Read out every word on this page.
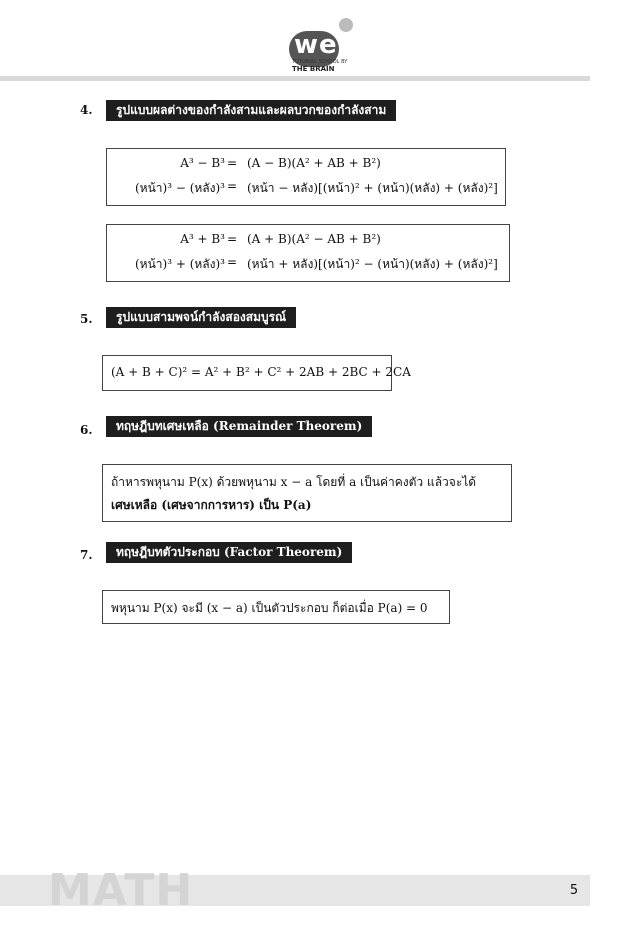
we
TUTORIAL SCHOOL BY
THE BRAIN
4.	รูปแบบผลต่างของกำลังสามและผลบวกของกำลังสาม
A³ − B³ = (A − B)(A² + AB + B²)
(หน้า)³ − (หลัง)³ = (หน้า − หลัง)[(หน้า)² + (หน้า)(หลัง) + (หลัง)²]
A³ + B³ = (A + B)(A² − AB + B²)
(หน้า)³ + (หลัง)³ = (หน้า + หลัง)[(หน้า)² − (หน้า)(หลัง) + (หลัง)²]
5.	รูปแบบสามพจน์กำลังสองสมบูรณ์
(A + B + C)² = A² + B² + C² + 2AB + 2BC + 2CA
6.	ทฤษฎีบทเศษเหลือ (Remainder Theorem)
ถ้าหารพหุนาม P(x) ด้วยพหุนาม x − a โดยที่ a เป็นค่าคงตัว แล้วจะได้
เศษเหลือ (เศษจากการหาร) เป็น P(a)
7.	ทฤษฎีบทตัวประกอบ (Factor Theorem)
พหุนาม P(x) จะมี (x − a) เป็นตัวประกอบ ก็ต่อเมื่อ P(a) = 0
MATH	5
